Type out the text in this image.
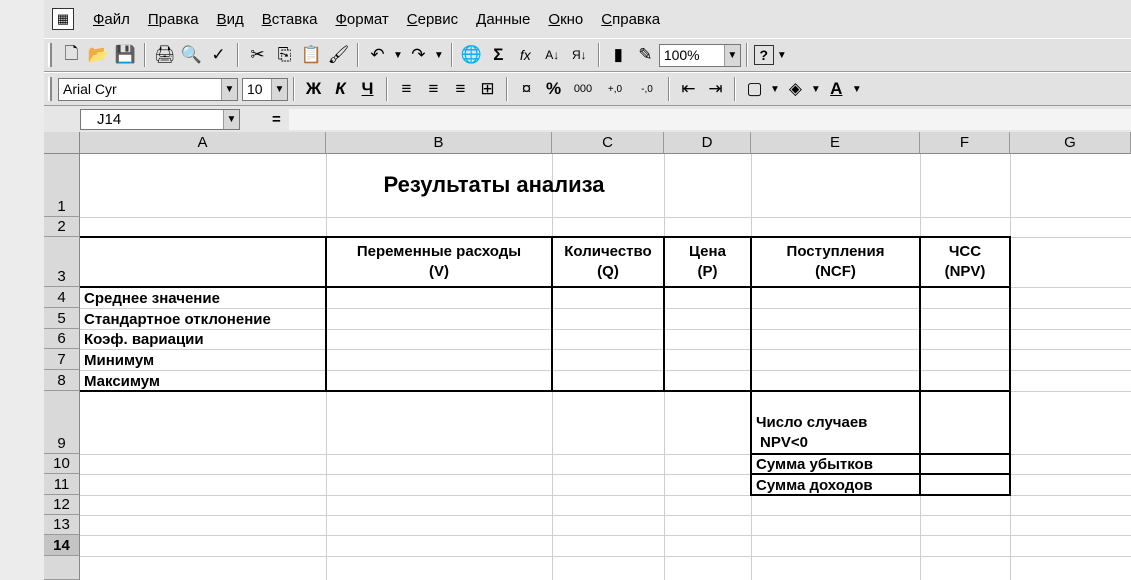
▦	Файл	Правка	Вид	Вставка	Формат	Сервис	Данные	Окно	Справка
🗋 📂 💾 🖨 🔍 ✓	✂ ⎘ 📋 🖌	↶ ▼ ↷ ▼ 🌐 Σ	fx	A↓	Я↓	▮ ✎ 100%	▼	? ▼
Arial Cyr	▼ 10	▼ Ж К Ч	≡	≡	≡ ⊞	¤ %	000	+,0	-,0	⇤ ⇥	▢ ▼ ◈ ▼ A ▼
J14	▼ =
A	B	C	D	E	F	G
1
2
3
4
5
6
7
8
9
10
11
12
13
14
Результаты анализа
Переменные расходы
(V)
Количество
(Q)
Цена
(P)
Поступления
(NCF)
ЧСС
(NPV)
Среднее значение
Стандартное отклонение
Коэф. вариации
Минимум
Максимум
Число случаев
NPV<0
Сумма убытков
Сумма доходов
